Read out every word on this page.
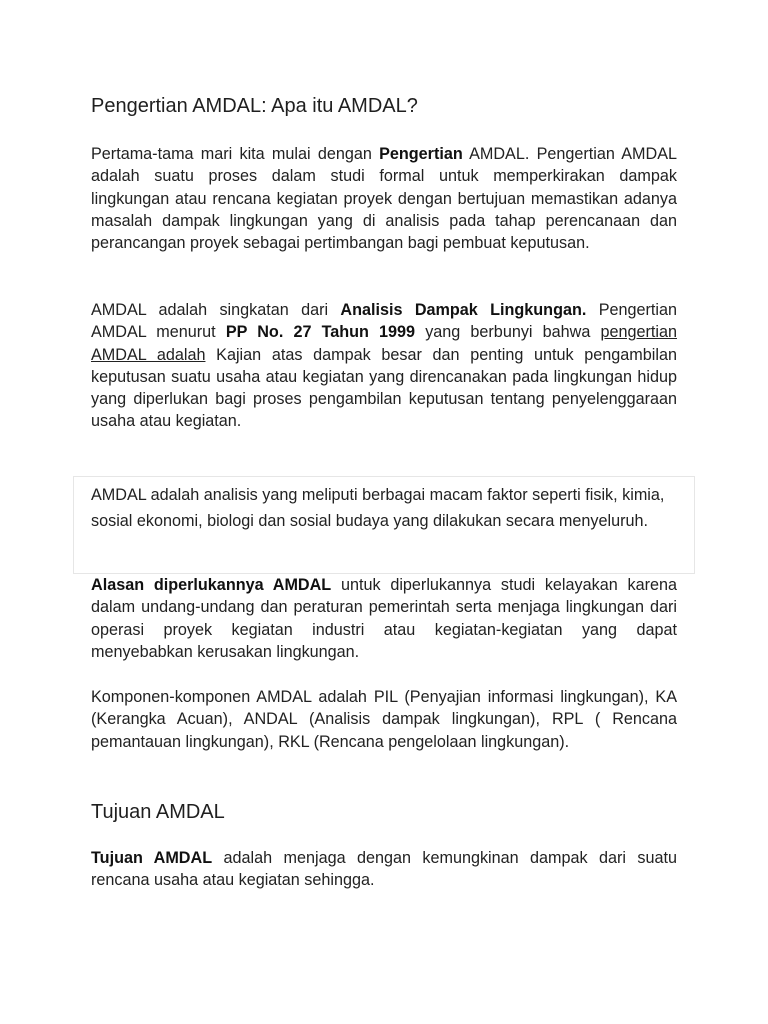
Pengertian AMDAL: Apa itu AMDAL?

Pertama-tama mari kita mulai dengan Pengertian AMDAL. Pengertian AMDAL adalah suatu proses dalam studi formal untuk memperkirakan dampak lingkungan atau rencana kegiatan proyek dengan bertujuan memastikan adanya masalah dampak lingkungan yang di analisis pada tahap perencanaan dan perancangan proyek sebagai pertimbangan bagi pembuat keputusan.

AMDAL adalah singkatan dari Analisis Dampak Lingkungan. Pengertian AMDAL menurut PP No. 27 Tahun 1999 yang berbunyi bahwa pengertian AMDAL adalah Kajian atas dampak besar dan penting untuk pengambilan keputusan suatu usaha atau kegiatan yang direncanakan pada lingkungan hidup yang diperlukan bagi proses pengambilan keputusan tentang penyelenggaraan usaha atau kegiatan.

Alasan diperlukannya AMDAL untuk diperlukannya studi kelayakan karena dalam undang-undang dan peraturan pemerintah serta menjaga lingkungan dari operasi proyek kegiatan industri atau kegiatan-kegiatan yang dapat menyebabkan kerusakan lingkungan.

Komponen-komponen AMDAL adalah PIL (Penyajian informasi lingkungan), KA (Kerangka Acuan), ANDAL (Analisis dampak lingkungan), RPL ( Rencana pemantauan lingkungan), RKL (Rencana pengelolaan lingkungan).

Tujuan AMDAL

Tujuan AMDAL adalah menjaga dengan kemungkinan dampak dari suatu rencana usaha atau kegiatan sehingga.

AMDAL adalah analisis yang meliputi berbagai macam faktor seperti fisik, kimia, sosial ekonomi, biologi dan sosial budaya yang dilakukan secara menyeluruh.
